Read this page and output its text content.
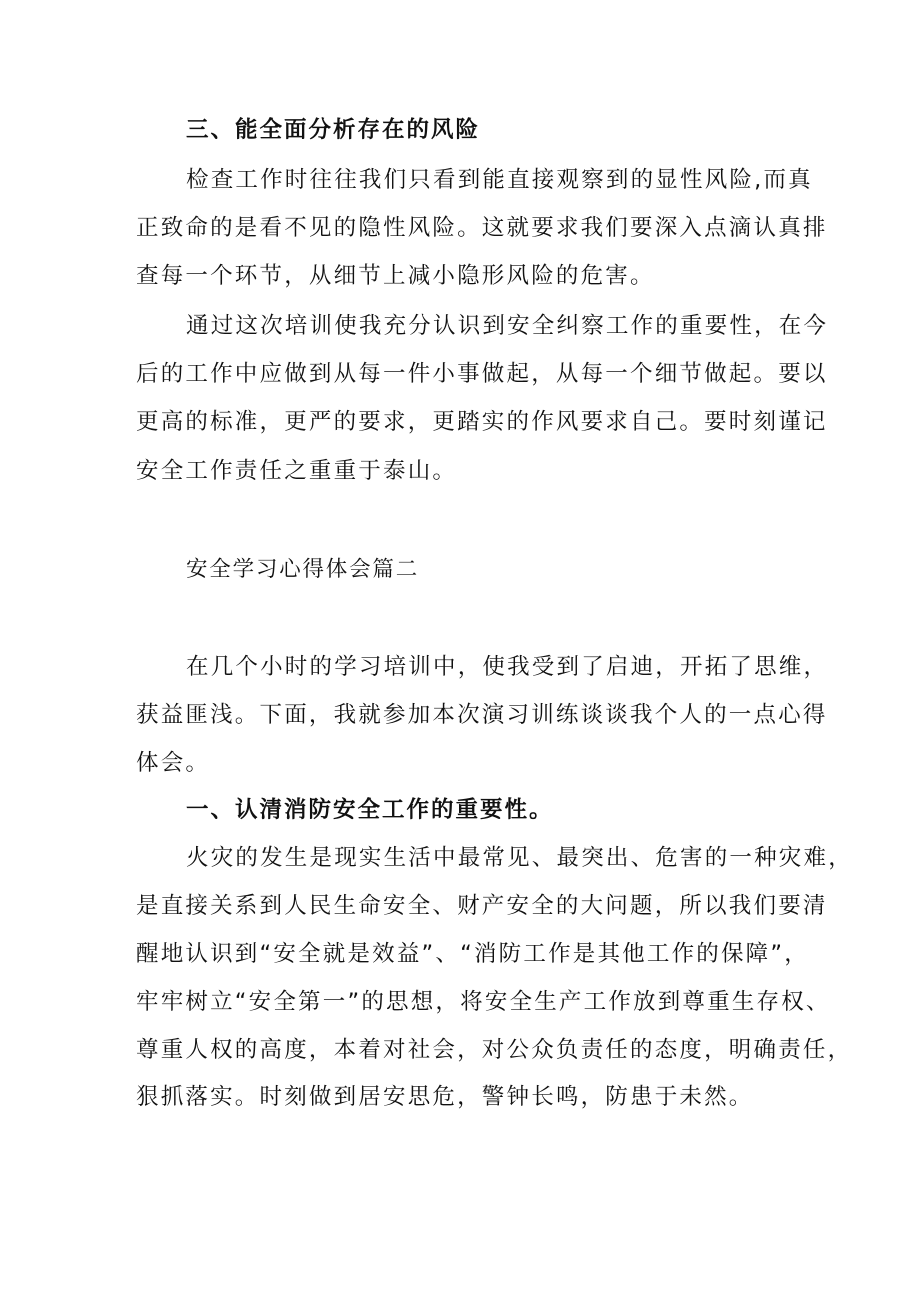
三、能全面分析存在的风险
检查工作时往往我们只看到能直接观察到的显性风险,而真
正致命的是看不见的隐性风险。这就要求我们要深入点滴认真排
查每一个环节，从细节上减小隐形风险的危害。
通过这次培训使我充分认识到安全纠察工作的重要性，在今
后的工作中应做到从每一件小事做起，从每一个细节做起。要以
更高的标准，更严的要求，更踏实的作风要求自己。要时刻谨记
安全工作责任之重重于泰山。
安全学习心得体会篇二
在几个小时的学习培训中，使我受到了启迪，开拓了思维，
获益匪浅。下面，我就参加本次演习训练谈谈我个人的一点心得
体会。
一、认清消防安全工作的重要性。
火灾的发生是现实生活中最常见、最突出、危害的一种灾难，
是直接关系到人民生命安全、财产安全的大问题，所以我们要清
醒地认识到“安全就是效益”、“消防工作是其他工作的保障”，
牢牢树立“安全第一”的思想，将安全生产工作放到尊重生存权、
尊重人权的高度，本着对社会，对公众负责任的态度，明确责任，
狠抓落实。时刻做到居安思危，警钟长鸣，防患于未然。
